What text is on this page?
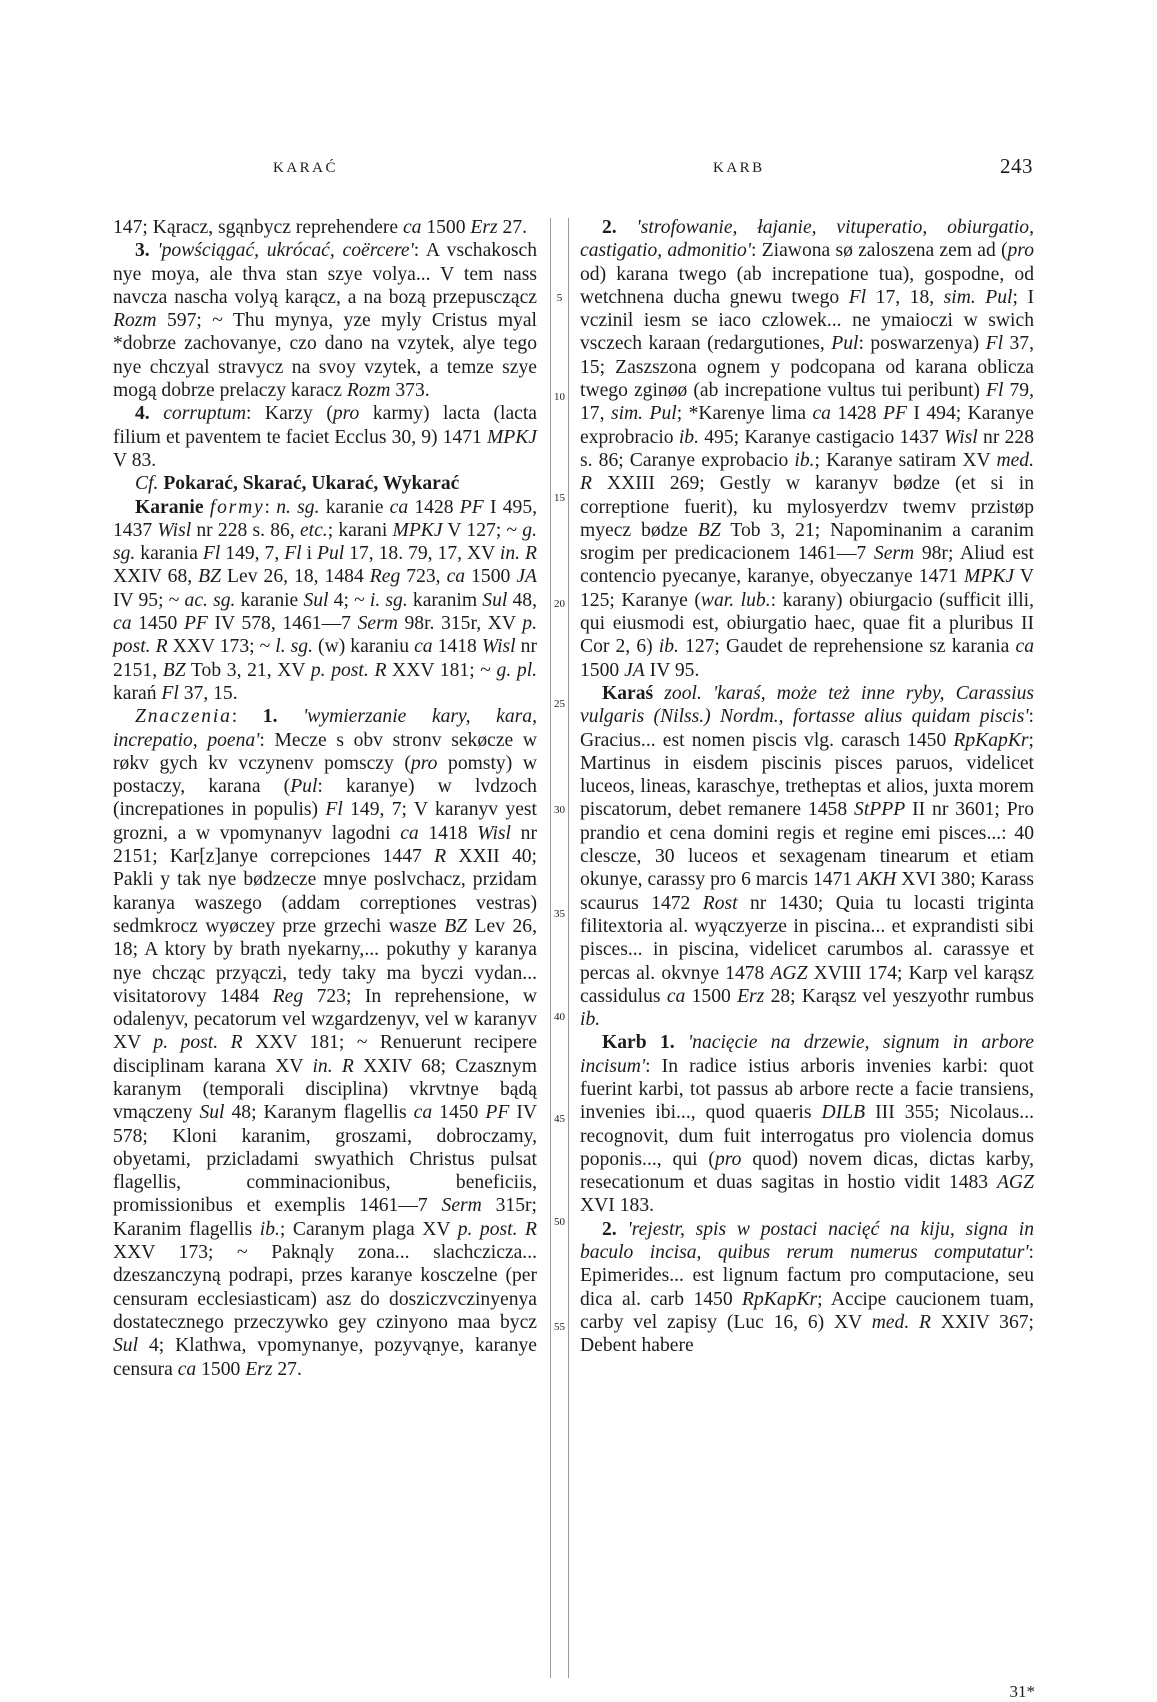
KARAĆ	KARB	243

147; Kąracz, sgąnbycz reprehendere ca 1500 Erz 27.

3. 'powściągać, ukrócać, coërcere': A vschakosch nye moya, ale thva stan szye volya... V tem nass navcza nascha volyą karącz, a na bozą przepusczącz Rozm 597; ~ Thu mynya, yze myly Cristus myal *dobrze zachovanye, czo dano na vzytek, alye tego nye chczyal stravycz na svoy vzytek, a temze szye mogą dobrze prelaczy karacz Rozm 373.

4. corruptum: Karzy (pro karmy) lacta (lacta filium et paventem te faciet Ecclus 30, 9) 1471 MPKJ V 83.

Cf. Pokarać, Skarać, Ukarać, Wykarać

Karanie formy: n. sg. karanie ca 1428 PF I 495, 1437 Wisl nr 228 s. 86, etc.; karani MPKJ V 127; ~ g. sg. karania Fl 149, 7, Fl i Pul 17, 18. 79, 17, XV in. R XXIV 68, BZ Lev 26, 18, 1484 Reg 723, ca 1500 JA IV 95; ~ ac. sg. karanie Sul 4; ~ i. sg. karanim Sul 48, ca 1450 PF IV 578, 1461—7 Serm 98r. 315r, XV p. post. R XXV 173; ~ l. sg. (w) karaniu ca 1418 Wisl nr 2151, BZ Tob 3, 21, XV p. post. R XXV 181; ~ g. pl. karań Fl 37, 15.

Znaczenia: 1. 'wymierzanie kary, kara, increpatio, poena': Mecze s obv stronv sekøcze w røkv gych kv vczynenv pomsczy (pro pomsty) w postaczy, karana (Pul: karanye) w lvdzoch (increpationes in populis) Fl 149, 7; V karanyv yest grozni, a w vpomynanyv lagodni ca 1418 Wisl nr 2151; Kar[z]anye correpciones 1447 R XXII 40; Pakli y tak nye bødzecze mnye poslvchacz, przidam karanya waszego (addam correptiones vestras) sedmkrocz wyøczey prze grzechi wasze BZ Lev 26, 18; A ktory by brath nyekarny,... pokuthy y karanya nye chcząc przyączi, tedy taky ma byczi vydan... visitatorovy 1484 Reg 723; In reprehensione, w odalenyv, pecatorum vel wzgardzenyv, vel w karanyv XV p. post. R XXV 181; ~ Renuerunt recipere disciplinam karana XV in. R XXIV 68; Czasznym karanym (temporali disciplina) vkrvtnye bądą vmączeny Sul 48; Karanym flagellis ca 1450 PF IV 578; Kloni karanim, groszami, dobroczamy, obyetami, przicladami swyathich Christus pulsat flagellis, comminacionibus, beneficiis, promissionibus et exemplis 1461—7 Serm 315r; Karanim flagellis ib.; Caranym plaga XV p. post. R XXV 173; ~ Paknąly zona... slachczicza... dzeszanczyną podrapi, przes karanye kosczelne (per censuram ecclesiasticam) asz do dosziczvczinyenya dostatecznego przeczywko gey czinyono maa bycz Sul 4; Klathwa, vpomynanye, pozyvąnye, karanye censura ca 1500 Erz 27.

5
10
15
20
25
30
35
40
45
50
55

2. 'strofowanie, łajanie, vituperatio, obiurgatio, castigatio, admonitio': Ziawona sø zaloszena zem ad (pro od) karana twego (ab increpatione tua), gospodne, od wetchnena ducha gnewu twego Fl 17, 18, sim. Pul; I vczinil iesm se iaco czlowek... ne ymaioczi w swich vsczech karaan (redargutiones, Pul: poswarzenya) Fl 37, 15; Zaszszona ognem y podcopana od karana oblicza twego zginøø (ab increpatione vultus tui peribunt) Fl 79, 17, sim. Pul; *Karenye lima ca 1428 PF I 494; Karanye exprobracio ib. 495; Karanye castigacio 1437 Wisl nr 228 s. 86; Caranye exprobacio ib.; Karanye satiram XV med. R XXIII 269; Gestly w karanyv bødze (et si in correptione fuerit), ku mylosyerdzv twemv przistøp myecz bødze BZ Tob 3, 21; Napominanim a caranim srogim per predicacionem 1461—7 Serm 98r; Aliud est contencio pyecanye, karanye, obyeczanye 1471 MPKJ V 125; Karanye (war. lub.: karany) obiurgacio (sufficit illi, qui eiusmodi est, obiurgatio haec, quae fit a pluribus II Cor 2, 6) ib. 127; Gaudet de reprehensione sz karania ca 1500 JA IV 95.

Karaś zool. 'karaś, może też inne ryby, Carassius vulgaris (Nilss.) Nordm., fortasse alius quidam piscis': Gracius... est nomen piscis vlg. carasch 1450 RpKapKr; Martinus in eisdem piscinis pisces paruos, videlicet luceos, lineas, karaschye, tretheptas et alios, juxta morem piscatorum, debet remanere 1458 StPPP II nr 3601; Pro prandio et cena domini regis et regine emi pisces...: 40 clescze, 30 luceos et sexagenam tinearum et etiam okunye, carassy pro 6 marcis 1471 AKH XVI 380; Karass scaurus 1472 Rost nr 1430; Quia tu locasti triginta filitextoria al. wyączyerze in piscina... et exprandisti sibi pisces... in piscina, videlicet carumbos al. carassye et percas al. okvnye 1478 AGZ XVIII 174; Karp vel karąsz cassidulus ca 1500 Erz 28; Karąsz vel yeszyothr rumbus ib.

Karb 1. 'nacięcie na drzewie, signum in arbore incisum': In radice istius arboris invenies karbi: quot fuerint karbi, tot passus ab arbore recte a facie transiens, invenies ibi..., quod quaeris DILB III 355; Nicolaus... recognovit, dum fuit interrogatus pro violencia domus poponis..., qui (pro quod) novem dicas, dictas karby, resecationum et duas sagitas in hostio vidit 1483 AGZ XVI 183.

2. 'rejestr, spis w postaci nacięć na kiju, signa in baculo incisa, quibus rerum numerus computatur': Epimerides... est lignum factum pro computacione, seu dica al. carb 1450 RpKapKr; Accipe caucionem tuam, carby vel zapisy (Luc 16, 6) XV med. R XXIV 367; Debent habere

31*
